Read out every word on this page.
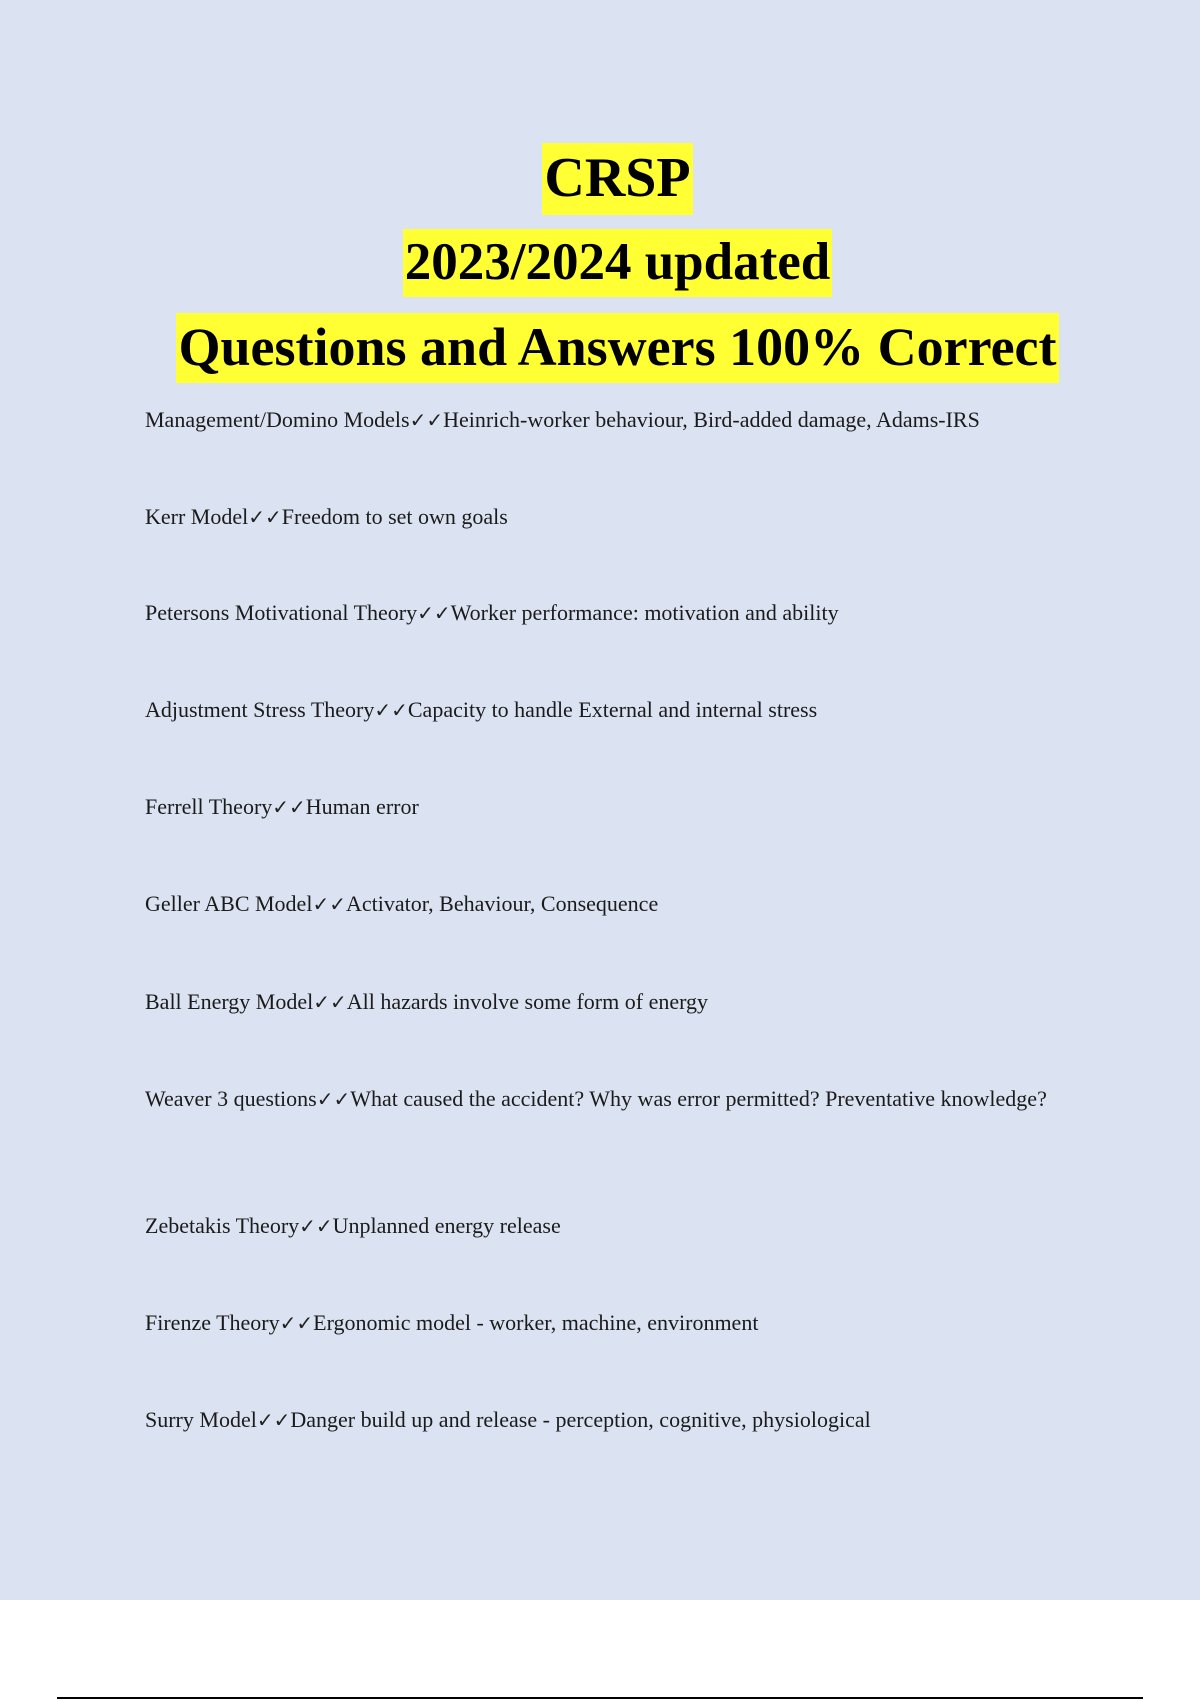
CRSP
2023/2024 updated
Questions and Answers 100% Correct
Management/Domino Models✓✓Heinrich-worker behaviour, Bird-added damage, Adams-IRS
Kerr Model✓✓Freedom to set own goals
Petersons Motivational Theory✓✓Worker performance: motivation and ability
Adjustment Stress Theory✓✓Capacity to handle External and internal stress
Ferrell Theory✓✓Human error
Geller ABC Model✓✓Activator, Behaviour, Consequence
Ball Energy Model✓✓All hazards involve some form of energy
Weaver 3 questions✓✓What caused the accident? Why was error permitted? Preventative knowledge?
Zebetakis Theory✓✓Unplanned energy release
Firenze Theory✓✓Ergonomic model - worker, machine, environment
Surry Model✓✓Danger build up and release - perception, cognitive, physiological
